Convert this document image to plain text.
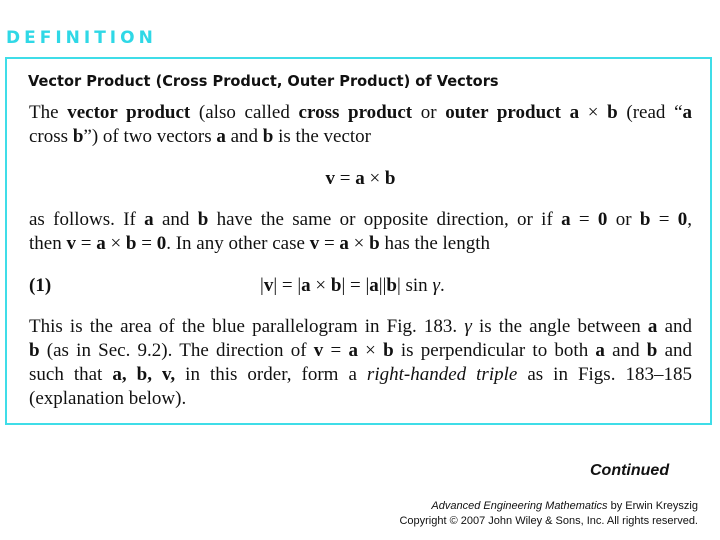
DEFINITION
Vector Product (Cross Product, Outer Product) of Vectors
The vector product (also called cross product or outer product a × b (read “a
cross b”) of two vectors a and b is the vector
v = a × b
as follows. If a and b have the same or opposite direction, or if a = 0 or b = 0,
then v = a × b = 0. In any other case v = a × b has the length
(1)	|v| = |a × b| = |a||b| sin γ.
This is the area of the blue parallelogram in Fig. 183. γ is the angle between a and
b (as in Sec. 9.2). The direction of v = a × b is perpendicular to both a and b and
such that a, b, v, in this order, form a right-handed triple as in Figs. 183–185
(explanation below).
Continued
Advanced Engineering Mathematics by Erwin Kreyszig
Copyright © 2007 John Wiley & Sons, Inc. All rights reserved.
